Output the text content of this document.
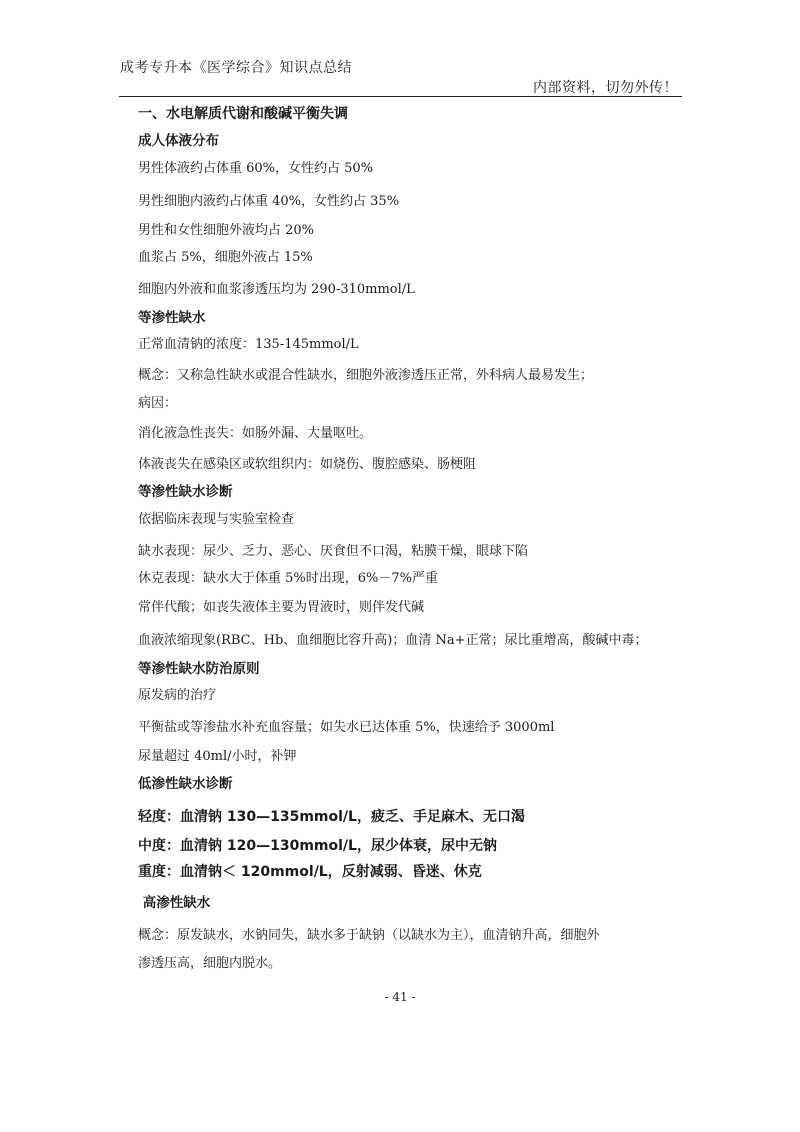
成考专升本《医学综合》知识点总结
内部资料，切勿外传！
一、水电解质代谢和酸碱平衡失调
成人体液分布
男性体液约占体重 60%，女性约占 50%
男性细胞内液约占体重 40%，女性约占 35%
男性和女性细胞外液均占 20%
血浆占 5%，细胞外液占 15%
细胞内外液和血浆渗透压均为 290-310mmol/L
等渗性缺水
正常血清钠的浓度：135-145mmol/L
概念：又称急性缺水或混合性缺水，细胞外液渗透压正常，外科病人最易发生；
病因：
消化液急性丧失：如肠外漏、大量呕吐。
体液丧失在感染区或软组织内：如烧伤、腹腔感染、肠梗阻
等渗性缺水诊断
依据临床表现与实验室检查
缺水表现：尿少、乏力、恶心、厌食但不口渴，粘膜干燥，眼球下陷
休克表现：缺水大于体重 5%时出现，6%－7%严重
常伴代酸；如丧失液体主要为胃液时，则伴发代碱
血液浓缩现象(RBC、Hb、血细胞比容升高)；血清 Na+正常；尿比重增高，酸碱中毒；
等渗性缺水防治原则
原发病的治疗
平衡盐或等渗盐水补充血容量；如失水已达体重 5%，快速给予 3000ml
尿量超过 40ml/小时，补钾
低渗性缺水诊断
轻度：血清钠 130—135mmol/L，疲乏、手足麻木、无口渴
中度：血清钠 120—130mmol/L，尿少体衰，尿中无钠
重度：血清钠＜ 120mmol/L，反射减弱、昏迷、休克
高渗性缺水
概念：原发缺水，水钠同失，缺水多于缺钠（以缺水为主），血清钠升高，细胞外
渗透压高，细胞内脱水。
- 41 -
